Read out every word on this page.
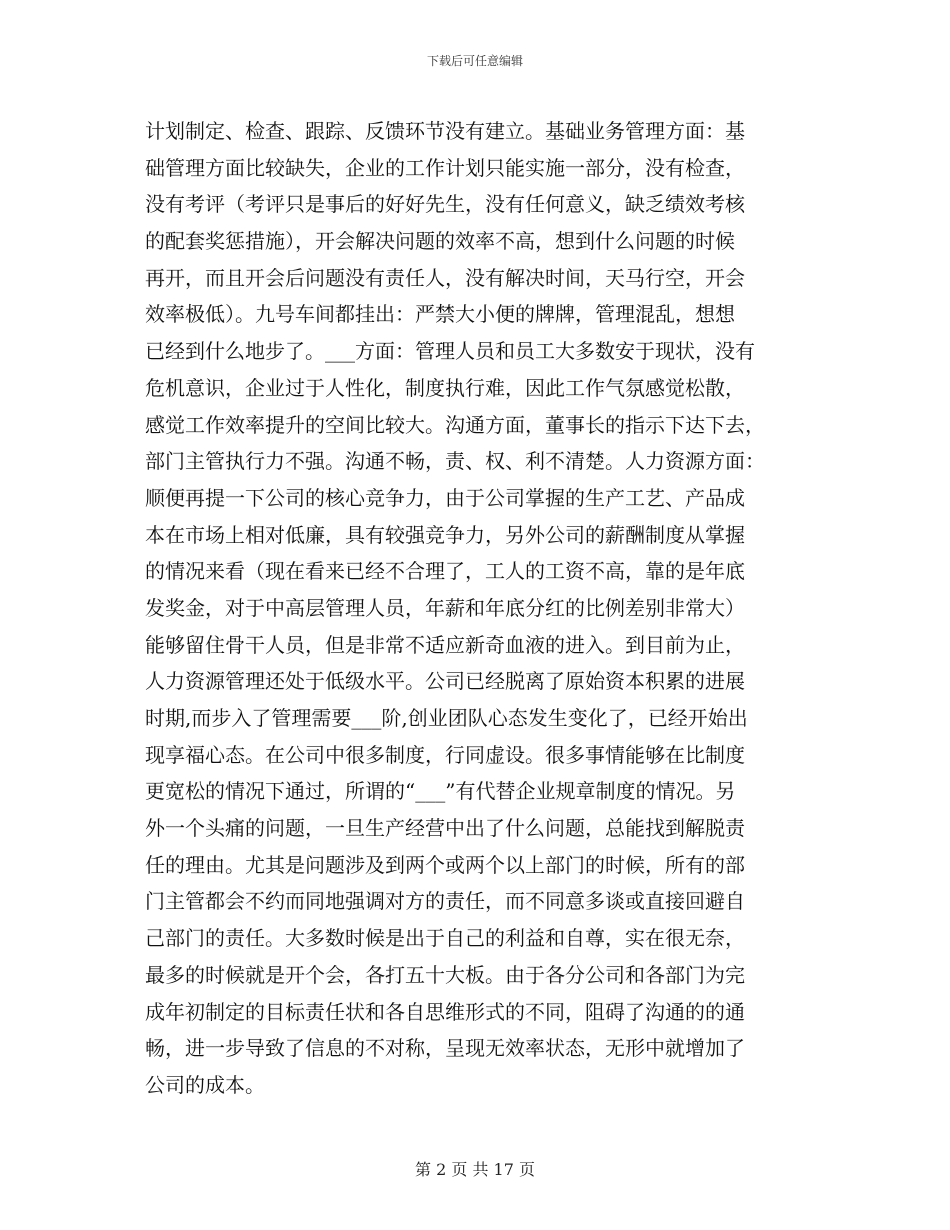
下载后可任意编辑
计划制定、检查、跟踪、反馈环节没有建立。基础业务管理方面：基
础管理方面比较缺失，企业的工作计划只能实施一部分，没有检查，
没有考评（考评只是事后的好好先生，没有任何意义，缺乏绩效考核
的配套奖惩措施），开会解决问题的效率不高，想到什么问题的时候
再开，而且开会后问题没有责任人，没有解决时间，天马行空，开会
效率极低）。九号车间都挂出：严禁大小便的牌牌，管理混乱，想想
已经到什么地步了。___方面：管理人员和员工大多数安于现状，没有
危机意识，企业过于人性化，制度执行难，因此工作气氛感觉松散，
感觉工作效率提升的空间比较大。沟通方面，董事长的指示下达下去，
部门主管执行力不强。沟通不畅，责、权、利不清楚。人力资源方面：
顺便再提一下公司的核心竞争力，由于公司掌握的生产工艺、产品成
本在市场上相对低廉，具有较强竞争力，另外公司的薪酬制度从掌握
的情况来看（现在看来已经不合理了，工人的工资不高，靠的是年底
发奖金，对于中高层管理人员，年薪和年底分红的比例差别非常大）
能够留住骨干人员，但是非常不适应新奇血液的进入。到目前为止，
人力资源管理还处于低级水平。公司已经脱离了原始资本积累的进展
时期,而步入了管理需要___阶,创业团队心态发生变化了，已经开始出
现享福心态。在公司中很多制度，行同虚设。很多事情能够在比制度
更宽松的情况下通过，所谓的“___”有代替企业规章制度的情况。另
外一个头痛的问题，一旦生产经营中出了什么问题，总能找到解脱责
任的理由。尤其是问题涉及到两个或两个以上部门的时候，所有的部
门主管都会不约而同地强调对方的责任，而不同意多谈或直接回避自
己部门的责任。大多数时候是出于自己的利益和自尊，实在很无奈，
最多的时候就是开个会，各打五十大板。由于各分公司和各部门为完
成年初制定的目标责任状和各自思维形式的不同，阻碍了沟通的的通
畅，进一步导致了信息的不对称，呈现无效率状态，无形中就增加了
公司的成本。
第 2 页 共 17 页
